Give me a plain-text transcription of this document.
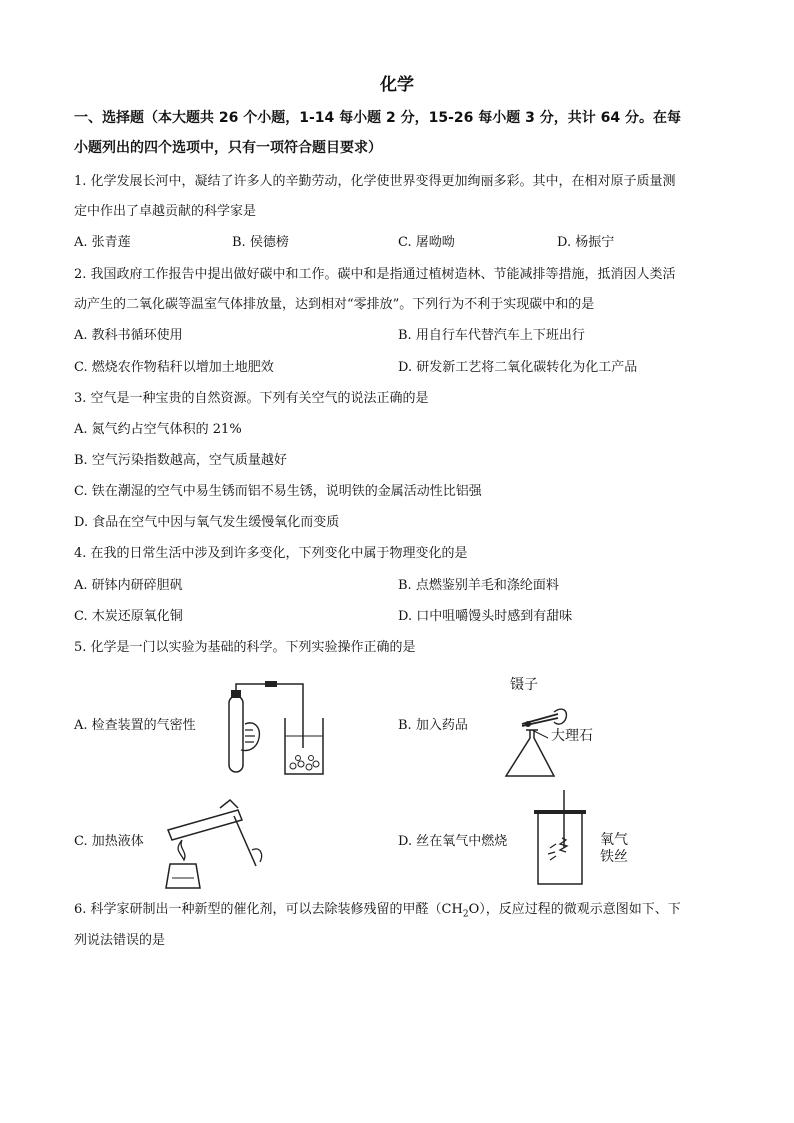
化学
一、选择题（本大题共 26 个小题，1-14 每小题 2 分，15-26 每小题 3 分，共计 64 分。在每
小题列出的四个选项中，只有一项符合题目要求）
1. 化学发展长河中，凝结了许多人的辛勤劳动，化学使世界变得更加绚丽多彩。其中，在相对原子质量测
定中作出了卓越贡献的科学家是
A. 张青莲	B. 侯德榜	C. 屠呦呦	D. 杨振宁
2. 我国政府工作报告中提出做好碳中和工作。碳中和是指通过植树造林、节能减排等措施，抵消因人类活
动产生的二氧化碳等温室气体排放量，达到相对“零排放”。下列行为不利于实现碳中和的是
A. 教科书循环使用	B. 用自行车代替汽车上下班出行
C. 燃烧农作物秸秆以增加土地肥效	D. 研发新工艺将二氧化碳转化为化工产品
3. 空气是一种宝贵的自然资源。下列有关空气的说法正确的是
A. 氮气约占空气体积的 21%
B. 空气污染指数越高，空气质量越好
C. 铁在潮湿的空气中易生锈而铝不易生锈，说明铁的金属活动性比铝强
D. 食品在空气中因与氧气发生缓慢氧化而变质
4. 在我的日常生活中涉及到许多变化，下列变化中属于物理变化的是
A. 研钵内研碎胆矾	B. 点燃鉴别羊毛和涤纶面料
C. 木炭还原氧化铜	D. 口中咀嚼馒头时感到有甜味
5. 化学是一门以实验为基础的科学。下列实验操作正确的是
A. 检查装置的气密性	B. 加入药品
镊子
大理石
C. 加热液体	D. 丝在氧气中燃烧	氧气
铁丝
6. 科学家研制出一种新型的催化剂，可以去除装修残留的甲醛$(CH_2O)$，反应过程的微观示意图如下、下
列说法错误的是
